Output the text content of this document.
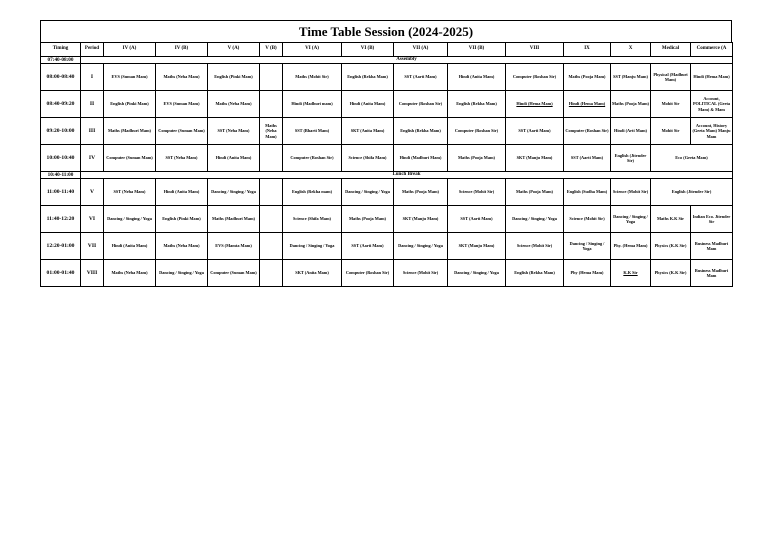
Time Table Session (2024-2025)
Timing	Period	IV (A)	IV (B)	V (A)	V (B)	VI (A)	VI (B)	VII (A)	VII (B)	VIII	IX	X	Medical	Commerce (A
07:40-08:00	Assembly													
08:00-08:40	I	EVS (Suman Mam)	Maths (Neha Mam)	English (Pinki Mam)		Maths (Mohit Sir)	English (Rekha Mam)	SST (Aarti Mam)	Hindi (Anita Mam)	Computer (Roshan Sir)	Maths (Pooja Mam)	SST (Manju Mam)	Physical (Madhuri Mam)	Hindi (Hema Mam)
08:40-09:20	II	English (Pinki Mam)	EVS (Suman Mam)	Maths (Neha Mam)		Hindi (Madhuri mam)	Hindi (Anita Mam)	Computer (Roshan Sir)	English (Rekha Mam)	Hindi (Hema Mam)	Hindi (Hema Mam)	Maths (Pooja Mam)	Mohit Sir	Account, POLITICAL (Geeta Mam) & Mam
09:20-10:00	III	Maths (Madhuri Mam)	Computer (Suman Mam)	SST (Neha Mam)	Maths (Neha Mam)	SST (Bharti Mam)	SKT (Anita Mam)	English (Rekha Mam)	Computer (Roshan Sir)	SST (Aarti Mam)	Computer (Roshan Sir)	Hindi (Arti Mam)	Mohit Sir	Account, History (Geeta Mam) Manju Mam
10:00-10:40	IV	Computer (Suman Mam)	SST (Neha Mam)	Hindi (Anita Mam)		Computer (Roshan Sir)	Science (Shifa Mam)	Hindi (Madhuri Mam)	Maths (Pooja Mam)	SKT (Manju Mam)	SST (Aarti Mam)	English (Jitender Sir)	Eco (Geeta Mam)	
10:40-11:00	Lunch Break													
11:00-11:40	V	SST (Neha Mam)	Hindi (Anita Mam)	Dancing / Singing / Yoga		English (Rekha mam)	Dancing / Singing / Yoga	Maths (Pooja Mam)	Science (Mohit Sir)	Maths (Pooja Mam)	English (Sudha Mam)	Science (Mohit Sir)	English (Jitender Sir)	
11:40-12:20	VI	Dancing / Singing / Yoga	English (Pinki Mam)	Maths (Madhuri Mam)		Science (Shifa Mam)	Maths (Pooja Mam)	SKT (Manju Mam)	SST (Aarti Mam)	Dancing / Singing / Yoga	Science (Mohit Sir)	Dancing / Singing / Yoga	Maths K.K Sir	Indian Eco. Jitender Sir
12:20-01:00	VII	Hindi (Anita Mam)	Maths (Neha Mam)	EVS (Mamta Mam)		Dancing / Singing / Yoga	SST (Aarti Mam)	Dancing / Singing / Yoga	SKT (Manju Mam)	Science (Mohit Sir)	Dancing / Singing / Yoga	Phy. (Hema Mam)	Physics (K.K Sir)	Business Madhuri Mam
01:00-01:40	VIII	Maths (Neha Mam)	Dancing / Singing / Yoga	Computer (Suman Mam)		SKT (Anita Mam)	Computer (Roshan Sir)	Science (Mohit Sir)	Dancing / Singing / Yoga	English (Rekha Mam)	Phy (Hema Mam)	K.K Sir	Physics (K.K Sir)	Business Madhuri Mam
